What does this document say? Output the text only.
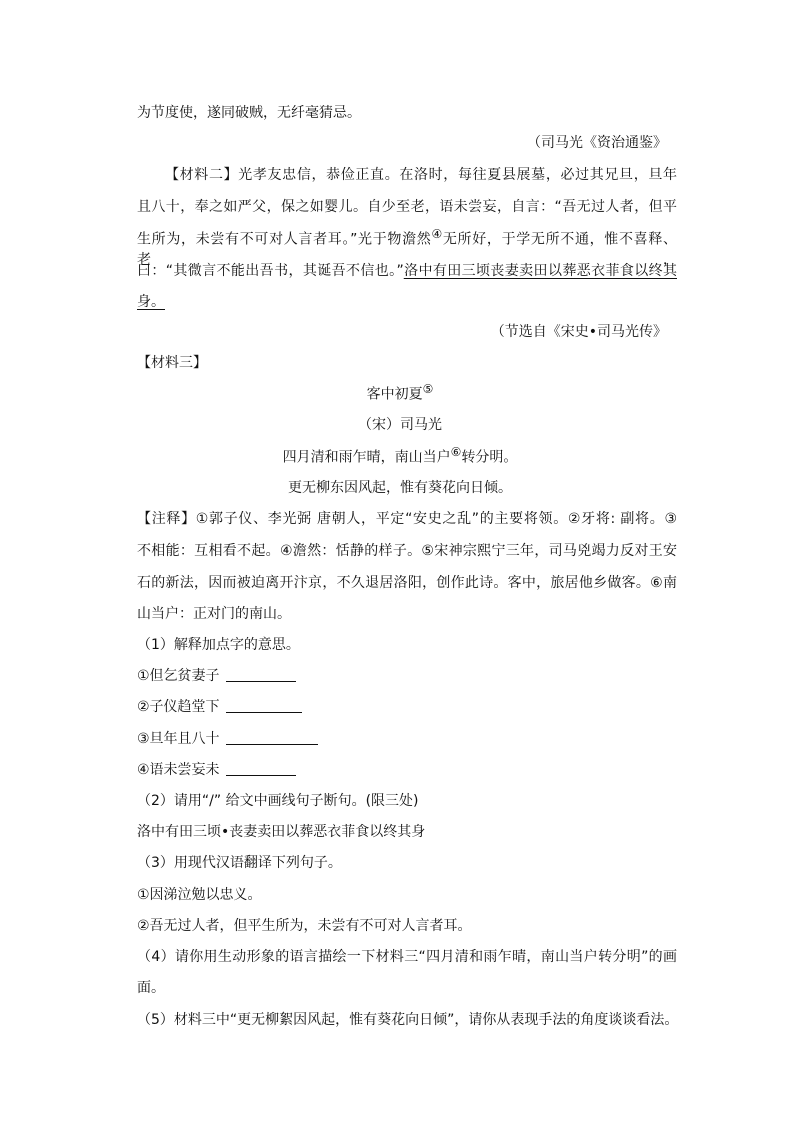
为节度使，遂同破贼，无纤毫猜忌。
（司马光《资治通鉴》
【材料二】光孝友忠信，恭俭正直。在洛时，每往夏县展墓，必过其兄旦，旦年
且八十，奉之如严父，保之如婴儿。自少至老，语未尝妄，自言：“吾无过人者，但平
生所为，未尝有不可对人言者耳。”光于物澹然④无所好，于学无所不通，惟不喜释、老，
曰：“其微言不能出吾书，其诞吾不信也。”洛中有田三顷丧妻卖田以葬恶衣菲食以终其
身。
（节选自《宋史•司马光传》
【材料三】
客中初夏⑤
（宋）司马光
四月清和雨乍晴，南山当户⑥转分明。
更无柳东因风起，惟有葵花向日倾。
【注释】①郭子仪、李光弼 唐朝人，平定“安史之乱”的主要将领。②牙将: 副将。③
不相能：互相看不起。④澹然：恬静的样子。⑤宋神宗熙宁三年，司马兇竭力反对王安
石的新法，因而被迫离开汴京，不久退居洛阳，创作此诗。客中，旅居他乡做客。⑥南
山当户：正对门的南山。
（1）解释加点字的意思。
①但乞贫妻子
②子仪趋堂下
③旦年且八十
④语未尝妄未
（2）请用“/” 给文中画线句子断句。(限三处)
洛中有田三顷•丧妻卖田以葬恶衣菲食以终其身
（3）用现代汉语翻译下列句子。
①因涕泣勉以忠义。
②吾无过人者，但平生所为，未尝有不可对人言者耳。
（4）请你用生动形象的语言描绘一下材料三“四月清和雨乍晴，南山当户转分明”的画
面。
（5）材料三中“更无柳絮因风起，惟有葵花向日倾”，请你从表现手法的角度谈谈看法。
